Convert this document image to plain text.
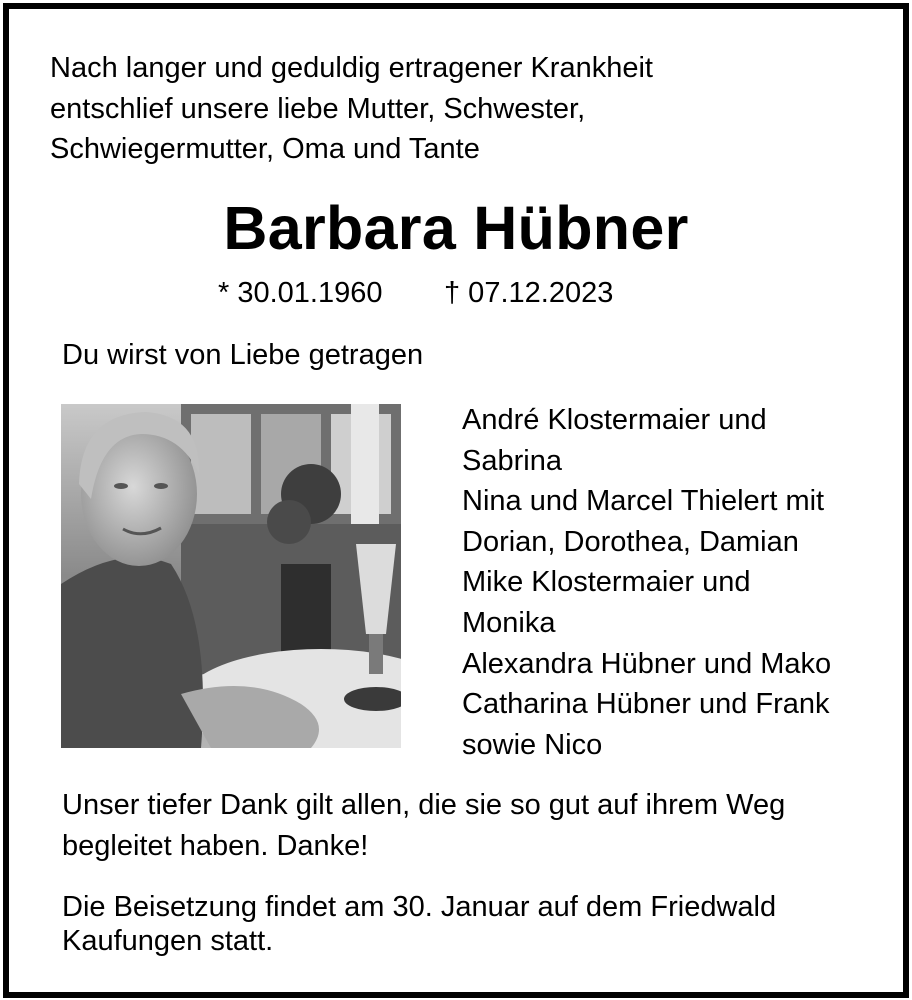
Nach langer und geduldig ertragener Krankheit
entschlief unsere liebe Mutter, Schwester,
Schwiegermutter, Oma und Tante
Barbara Hübner
* 30.01.1960 † 07.12.2023
Du wirst von Liebe getragen
André Klostermaier und
Sabrina
Nina und Marcel Thielert mit
Dorian, Dorothea, Damian
Mike Klostermaier und
Monika
Alexandra Hübner und Mako
Catharina Hübner und Frank
sowie Nico
Unser tiefer Dank gilt allen, die sie so gut auf ihrem Weg
begleitet haben. Danke!
Die Beisetzung findet am 30. Januar auf dem Friedwald
Kaufungen statt.
